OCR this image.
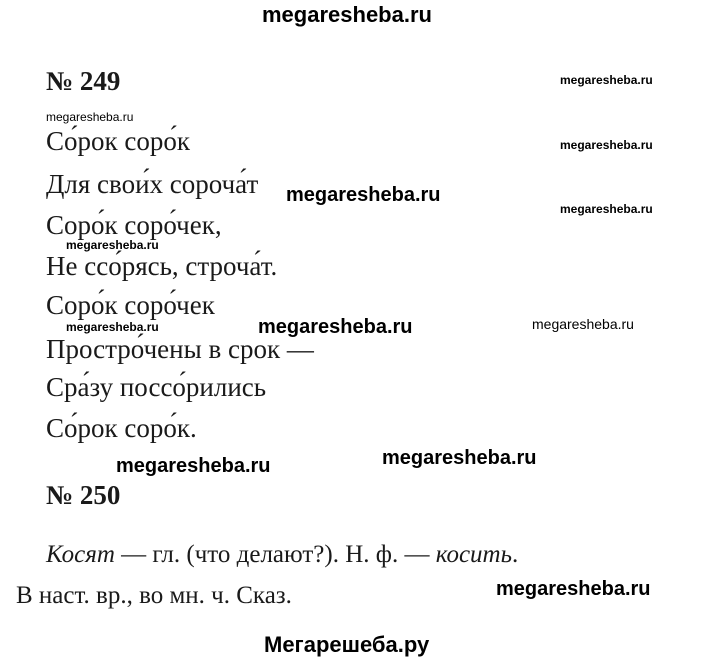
megaresheba.ru
Мегарешеба.ру
№ 249
Со́рок соро́к
Для свои́х сороча́т
Соро́к соро́чек,
Не ссо́рясь, строча́т.
Соро́к соро́чек
Простро́чены в срок —
Сра́зу поссо́рились
Со́рок соро́к.
№ 250
Косят — гл. (что делают?). Н. ф. — косить.
В наст. вр., во мн. ч. Сказ.
megaresheba.ru
megaresheba.ru
megaresheba.ru
megaresheba.ru
megaresheba.ru
megaresheba.ru
megaresheba.ru
megaresheba.ru	megaresheba.ru
megaresheba.ru
megaresheba.ru
megaresheba.ru
